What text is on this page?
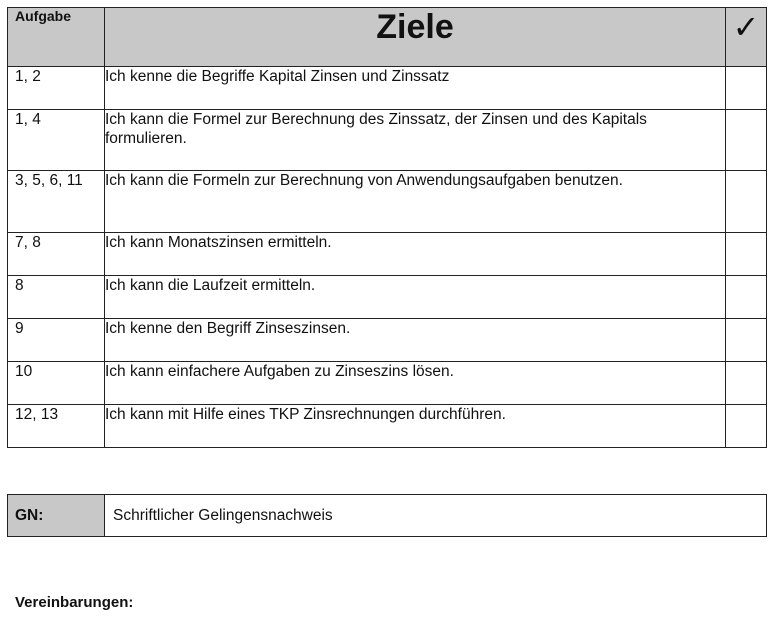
Aufgabe	Ziele	✓
1, 2	Ich kenne die Begriffe Kapital Zinsen und Zinssatz	
1, 4	Ich kann die Formel zur Berechnung des Zinssatz, der Zinsen und des Kapitals formulieren.	
3, 5, 6, 11	Ich kann die Formeln zur Berechnung von Anwendungsaufgaben benutzen.	
7, 8	Ich kann Monatszinsen ermitteln.	
8	Ich kann die Laufzeit ermitteln.	
9	Ich kenne den Begriff Zinseszinsen.	
10	Ich kann einfachere Aufgaben zu Zinseszins lösen.	
12, 13	Ich kann mit Hilfe eines TKP Zinsrechnungen durchführen.	
GN:	Schriftlicher Gelingensnachweis
Vereinbarungen:
